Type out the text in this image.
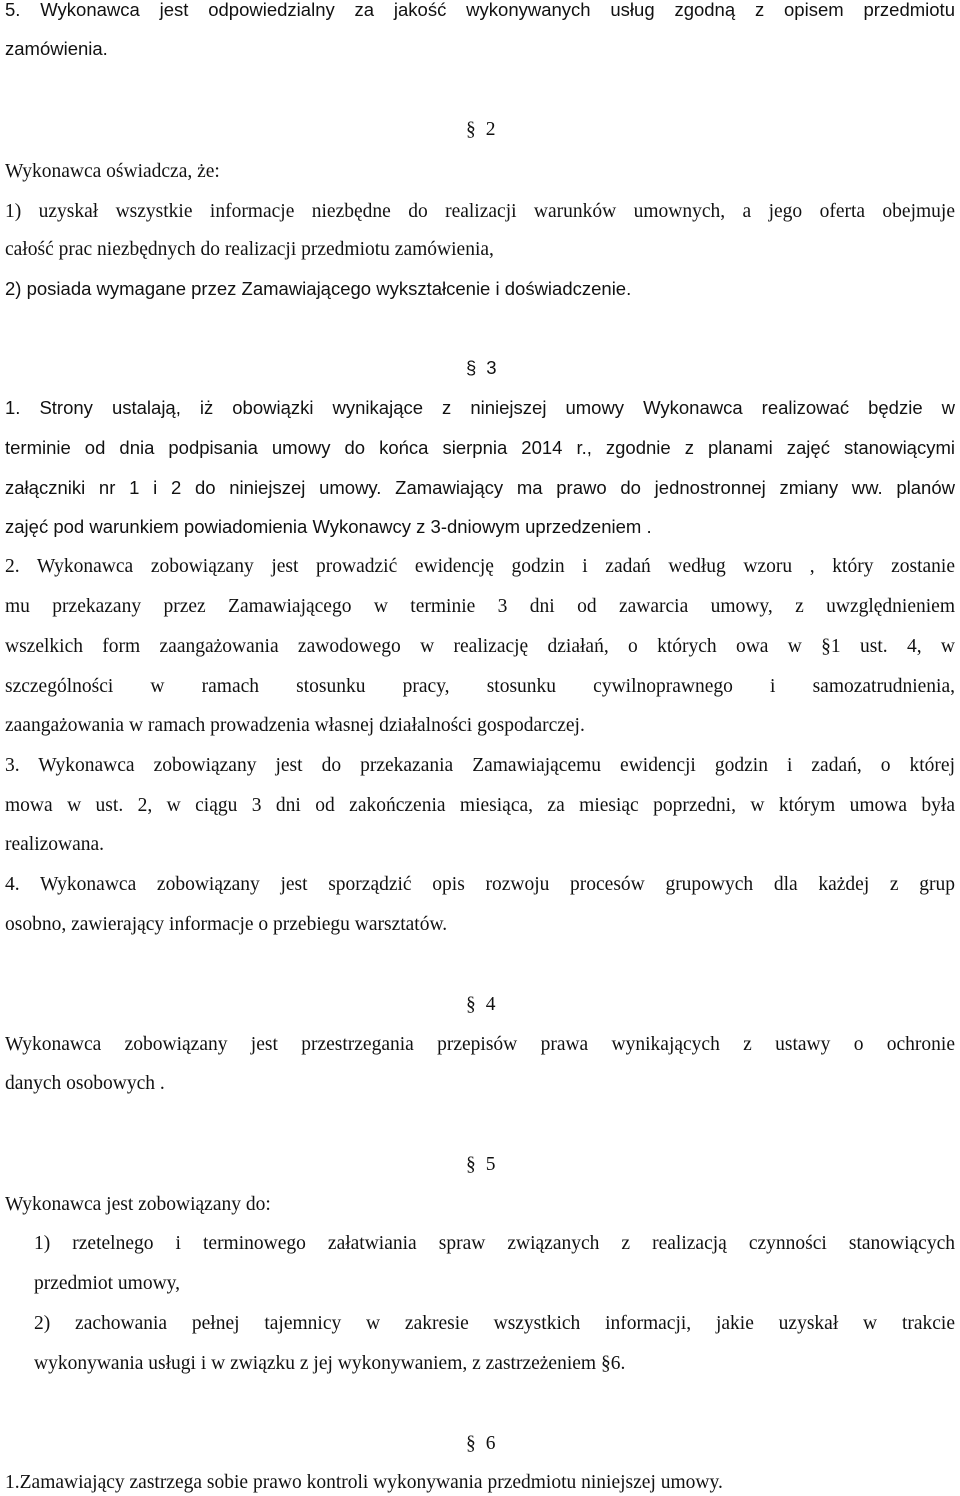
5. Wykonawca jest odpowiedzialny za jakość wykonywanych usług zgodną z opisem przedmiotu
zamówienia.
§ 2
Wykonawca oświadcza, że:
1) uzyskał wszystkie informacje niezbędne do realizacji warunków umownych, a jego oferta obejmuje
całość prac niezbędnych do realizacji przedmiotu zamówienia,
2) posiada wymagane przez Zamawiającego wykształcenie i doświadczenie.
§ 3
1. Strony ustalają, iż obowiązki wynikające z niniejszej umowy Wykonawca realizować będzie w
terminie od dnia podpisania umowy do końca sierpnia 2014 r., zgodnie z planami zajęć stanowiącymi
załączniki nr 1 i 2 do niniejszej umowy. Zamawiający ma prawo do jednostronnej zmiany ww. planów
zajęć pod warunkiem powiadomienia Wykonawcy z 3-dniowym uprzedzeniem .
2. Wykonawca zobowiązany jest prowadzić ewidencję godzin i zadań według wzoru , który zostanie
mu przekazany przez Zamawiającego w terminie 3 dni od zawarcia umowy, z uwzględnieniem
wszelkich form zaangażowania zawodowego w realizację działań, o których owa w §1 ust. 4, w
szczególności w ramach stosunku pracy, stosunku cywilnoprawnego i samozatrudnienia,
zaangażowania w ramach prowadzenia własnej działalności gospodarczej.
3. Wykonawca zobowiązany jest do przekazania Zamawiającemu ewidencji godzin i zadań, o której
mowa w ust. 2, w ciągu 3 dni od zakończenia miesiąca, za miesiąc poprzedni, w którym umowa była
realizowana.
4. Wykonawca zobowiązany jest sporządzić opis rozwoju procesów grupowych dla każdej z grup
osobno, zawierający informacje o przebiegu warsztatów.
§ 4
Wykonawca zobowiązany jest przestrzegania przepisów prawa wynikających z ustawy o ochronie
danych osobowych .
§ 5
Wykonawca jest zobowiązany do:
1) rzetelnego i terminowego załatwiania spraw związanych z realizacją czynności stanowiących
przedmiot umowy,
2) zachowania pełnej tajemnicy w zakresie wszystkich informacji, jakie uzyskał w trakcie
wykonywania usługi i w związku z jej wykonywaniem, z zastrzeżeniem §6.
§ 6
1.Zamawiający zastrzega sobie prawo kontroli wykonywania przedmiotu niniejszej umowy.
